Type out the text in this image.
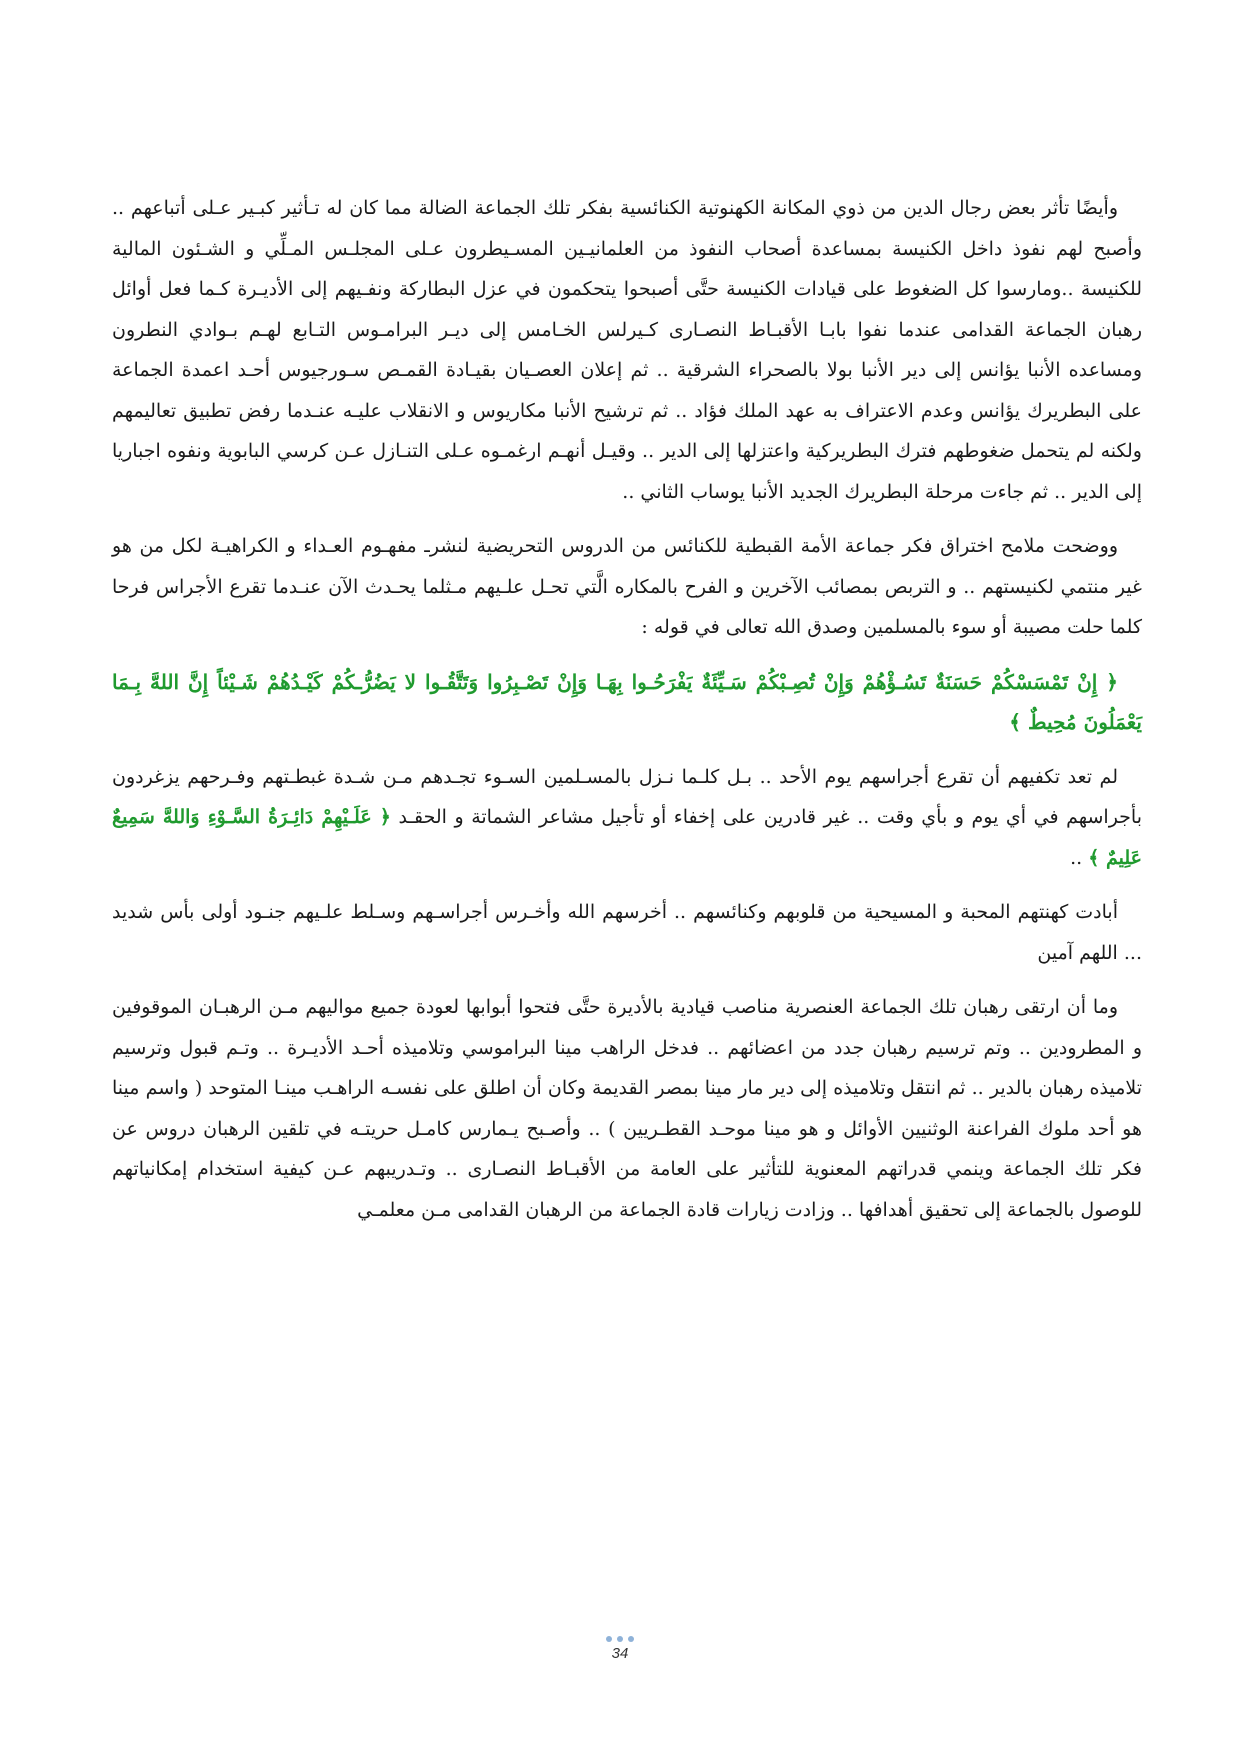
وأيضًا تأثر بعض رجال الدين من ذوي المكانة الكهنوتية الكنائسية بفكر تلك الجماعة الضالة مما كان له تـأثير كبـير عـلى أتباعهم .. وأصبح لهم نفوذ داخل الكنيسة بمساعدة أصحاب النفوذ من العلمانيـين المسـيطرون عـلى المجلـس المـلِّي و الشـئون المالية للكنيسة ..ومارسوا كل الضغوط على قيادات الكنيسة حتَّى أصبحوا يتحكمون في عزل البطاركة ونفـيهم إلى الأديـرة كـما فعل أوائل رهبان الجماعة القدامى عندما نفوا بابـا الأقبـاط النصـارى كـيرلس الخـامس إلى ديـر البرامـوس التـابع لهـم بـوادي النطرون ومساعده الأنبا يؤانس إلى دير الأنبا بولا بالصحراء الشرقية .. ثم إعلان العصـيان بقيـادة القمـص سـورجيوس أحـد اعمدة الجماعة على البطريرك يؤانس وعدم الاعتراف به عهد الملك فؤاد .. ثم ترشيح الأنبا مكاريوس و الانقلاب عليـه عنـدما رفض تطبيق تعاليمهم ولكنه لم يتحمل ضغوطهم فترك البطريركية واعتزلها إلى الدير .. وقيـل أنهـم ارغمـوه عـلى التنـازل عـن كرسي البابوية ونفوه اجباريا إلى الدير .. ثم جاءت مرحلة البطريرك الجديد الأنبا يوساب الثاني ..

ووضحت ملامح اختراق فكر جماعة الأمة القبطية للكنائس من الدروس التحريضية لنشرـ مفهـوم العـداء و الكراهيـة لكل من هو غير منتمي لكنيستهم .. و التربص بمصائب الآخرين و الفرح بالمكاره الَّتي تحـل علـيهم مـثلما يحـدث الآن عنـدما تقرع الأجراس فرحا كلما حلت مصيبة أو سوء بالمسلمين وصدق الله تعالى في قوله :

﴿ إِنْ تَمْسَسْكُمْ حَسَنَةٌ تَسُـؤْهُمْ وَإِنْ تُصِـبْكُمْ سَـيِّئَةٌ يَفْرَحُـوا بِهَـا وَإِنْ تَصْـبِرُوا وَتَتَّقُـوا لا يَضُرُّـكُمْ كَيْـدُهُمْ شَـيْئاً إِنَّ اللهَّ بِـمَا يَعْمَلُونَ مُحِيطٌ ﴾

لم تعد تكفيهم أن تقرع أجراسهم يوم الأحد .. بـل كلـما نـزل بالمسـلمين السـوء تجـدهم مـن شـدة غبطـتهم وفـرحهم يزغردون بأجراسهم في أي يوم و بأي وقت .. غير قادرين على إخفاء أو تأجيل مشاعر الشماتة و الحقـد ﴿ عَلَـيْهِمْ دَائِـرَةُ السَّـوْءِ وَاللهَّ سَمِيعٌ عَلِيمٌ ﴾ ..

أبادت كهنتهم المحبة و المسيحية من قلوبهم وكنائسهم .. أخرسهم الله وأخـرس أجراسـهم وسـلط علـيهم جنـود أولى بأس شديد ... اللهم آمين

وما أن ارتقى رهبان تلك الجماعة العنصرية مناصب قيادية بالأديرة حتَّى فتحوا أبوابها لعودة جميع مواليهم مـن الرهبـان الموقوفين و المطرودين .. وتم ترسيم رهبان جدد من اعضائهم .. فدخل الراهب مينا البراموسي وتلاميذه أحـد الأديـرة .. وتـم قبول وترسيم تلاميذه رهبان بالدير .. ثم انتقل وتلاميذه إلى دير مار مينا بمصر القديمة وكان أن اطلق على نفسـه الراهـب مينـا المتوحد ( واسم مينا هو أحد ملوك الفراعنة الوثنيين الأوائل و هو مينا موحـد القطـريين ) .. وأصـبح يـمارس كامـل حريتـه في تلقين الرهبان دروس عن فكر تلك الجماعة وينمي قدراتهم المعنوية للتأثير على العامة من الأقبـاط النصـارى .. وتـدريبهم عـن كيفية استخدام إمكانياتهم للوصول بالجماعة إلى تحقيق أهدافها .. وزادت زيارات قادة الجماعة من الرهبان القدامى مـن معلمـي

34
